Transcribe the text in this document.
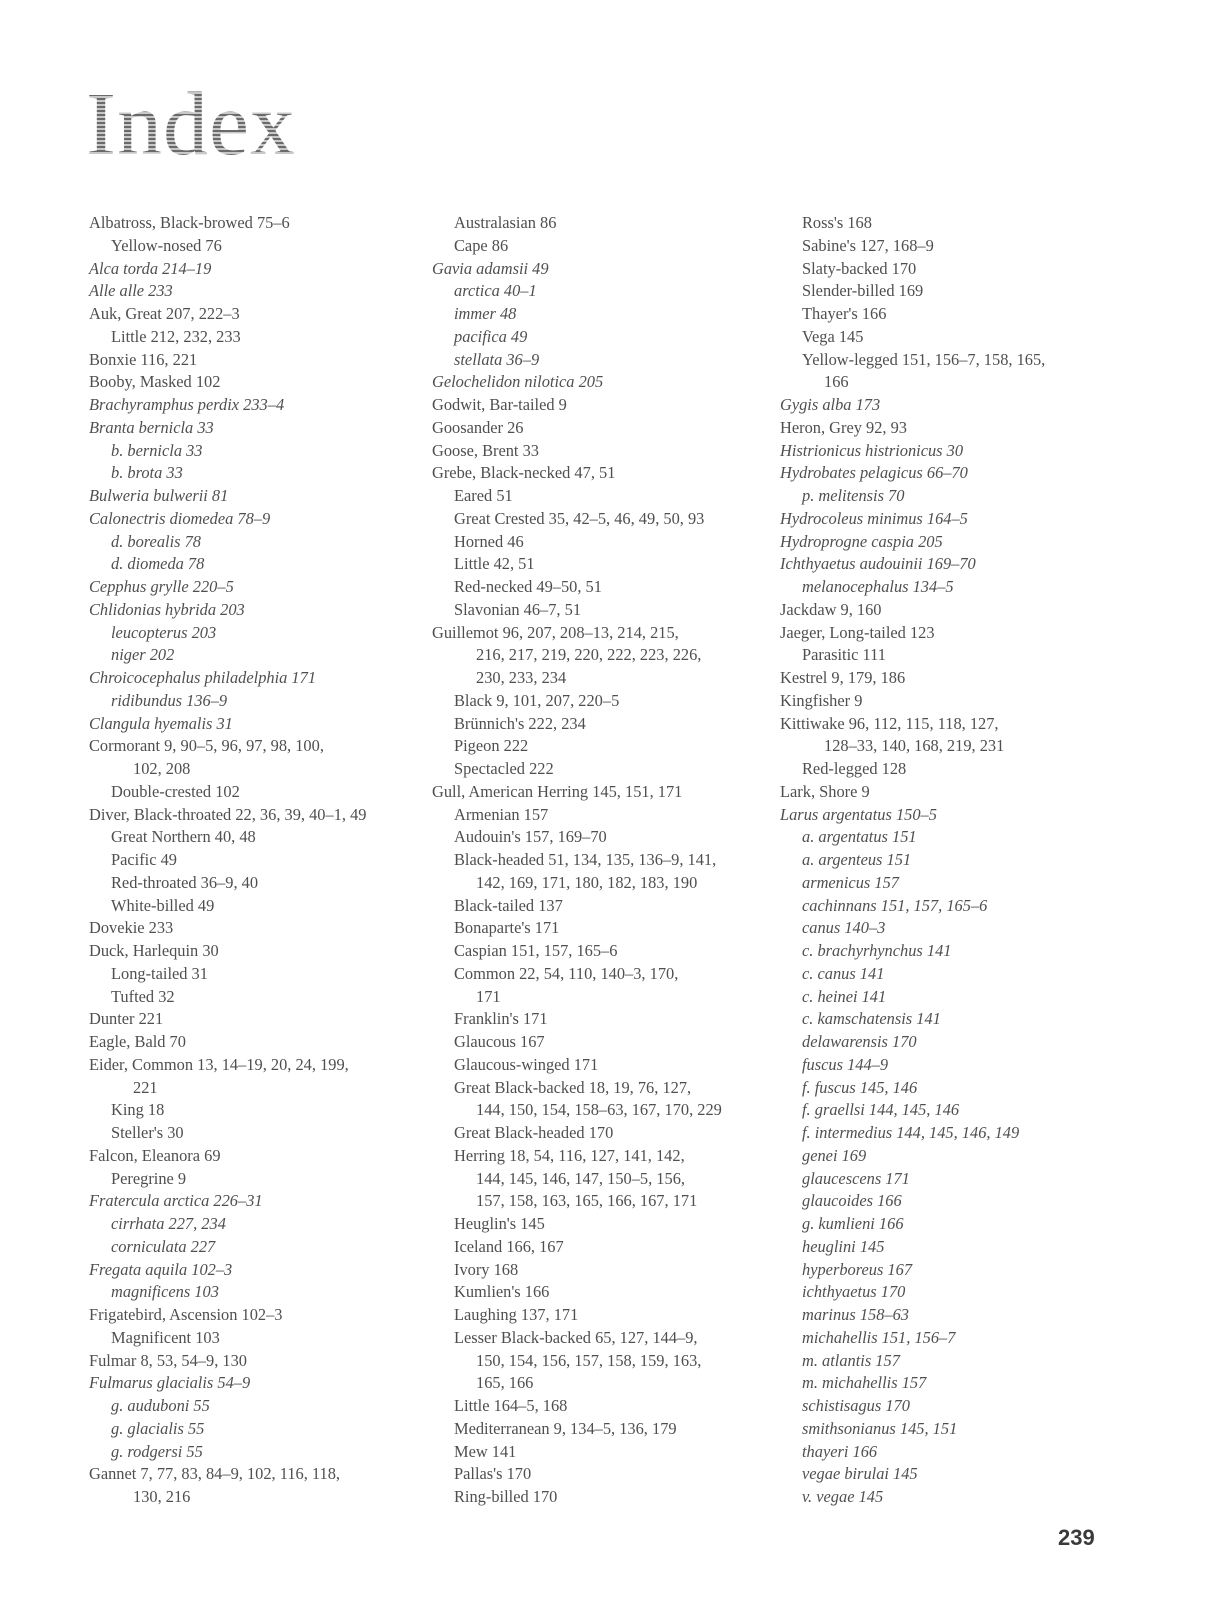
Index
Albatross, Black-browed 75–6
Yellow-nosed 76
Alca torda 214–19
Alle alle 233
Auk, Great 207, 222–3
Little 212, 232, 233
Bonxie 116, 221
Booby, Masked 102
Brachyramphus perdix 233–4
Branta bernicla 33
b. bernicla 33
b. brota 33
Bulweria bulwerii 81
Calonectris diomedea 78–9
d. borealis 78
d. diomeda 78
Cepphus grylle 220–5
Chlidonias hybrida 203
leucopterus 203
niger 202
Chroicocephalus philadelphia 171
ridibundus 136–9
Clangula hyemalis 31
Cormorant 9, 90–5, 96, 97, 98, 100,
102, 208
Double-crested 102
Diver, Black-throated 22, 36, 39, 40–1, 49
Great Northern 40, 48
Pacific 49
Red-throated 36–9, 40
White-billed 49
Dovekie 233
Duck, Harlequin 30
Long-tailed 31
Tufted 32
Dunter 221
Eagle, Bald 70
Eider, Common 13, 14–19, 20, 24, 199,
221
King 18
Steller's 30
Falcon, Eleanora 69
Peregrine 9
Fratercula arctica 226–31
cirrhata 227, 234
corniculata 227
Fregata aquila 102–3
magnificens 103
Frigatebird, Ascension 102–3
Magnificent 103
Fulmar 8, 53, 54–9, 130
Fulmarus glacialis 54–9
g. auduboni 55
g. glacialis 55
g. rodgersi 55
Gannet 7, 77, 83, 84–9, 102, 116, 118,
130, 216
Australasian 86
Cape 86
Gavia adamsii 49
arctica 40–1
immer 48
pacifica 49
stellata 36–9
Gelochelidon nilotica 205
Godwit, Bar-tailed 9
Goosander 26
Goose, Brent 33
Grebe, Black-necked 47, 51
Eared 51
Great Crested 35, 42–5, 46, 49, 50, 93
Horned 46
Little 42, 51
Red-necked 49–50, 51
Slavonian 46–7, 51
Guillemot 96, 207, 208–13, 214, 215,
216, 217, 219, 220, 222, 223, 226,
230, 233, 234
Black 9, 101, 207, 220–5
Brünnich's 222, 234
Pigeon 222
Spectacled 222
Gull, American Herring 145, 151, 171
Armenian 157
Audouin's 157, 169–70
Black-headed 51, 134, 135, 136–9, 141,
142, 169, 171, 180, 182, 183, 190
Black-tailed 137
Bonaparte's 171
Caspian 151, 157, 165–6
Common 22, 54, 110, 140–3, 170,
171
Franklin's 171
Glaucous 167
Glaucous-winged 171
Great Black-backed 18, 19, 76, 127,
144, 150, 154, 158–63, 167, 170, 229
Great Black-headed 170
Herring 18, 54, 116, 127, 141, 142,
144, 145, 146, 147, 150–5, 156,
157, 158, 163, 165, 166, 167, 171
Heuglin's 145
Iceland 166, 167
Ivory 168
Kumlien's 166
Laughing 137, 171
Lesser Black-backed 65, 127, 144–9,
150, 154, 156, 157, 158, 159, 163,
165, 166
Little 164–5, 168
Mediterranean 9, 134–5, 136, 179
Mew 141
Pallas's 170
Ring-billed 170
Ross's 168
Sabine's 127, 168–9
Slaty-backed 170
Slender-billed 169
Thayer's 166
Vega 145
Yellow-legged 151, 156–7, 158, 165,
166
Gygis alba 173
Heron, Grey 92, 93
Histrionicus histrionicus 30
Hydrobates pelagicus 66–70
p. melitensis 70
Hydrocoleus minimus 164–5
Hydroprogne caspia 205
Ichthyaetus audouinii 169–70
melanocephalus 134–5
Jackdaw 9, 160
Jaeger, Long-tailed 123
Parasitic 111
Kestrel 9, 179, 186
Kingfisher 9
Kittiwake 96, 112, 115, 118, 127,
128–33, 140, 168, 219, 231
Red-legged 128
Lark, Shore 9
Larus argentatus 150–5
a. argentatus 151
a. argenteus 151
armenicus 157
cachinnans 151, 157, 165–6
canus 140–3
c. brachyrhynchus 141
c. canus 141
c. heinei 141
c. kamschatensis 141
delawarensis 170
fuscus 144–9
f. fuscus 145, 146
f. graellsi 144, 145, 146
f. intermedius 144, 145, 146, 149
genei 169
glaucescens 171
glaucoides 166
g. kumlieni 166
heuglini 145
hyperboreus 167
ichthyaetus 170
marinus 158–63
michahellis 151, 156–7
m. atlantis 157
m. michahellis 157
schistisagus 170
smithsonianus 145, 151
thayeri 166
vegae birulai 145
v. vegae 145
239
